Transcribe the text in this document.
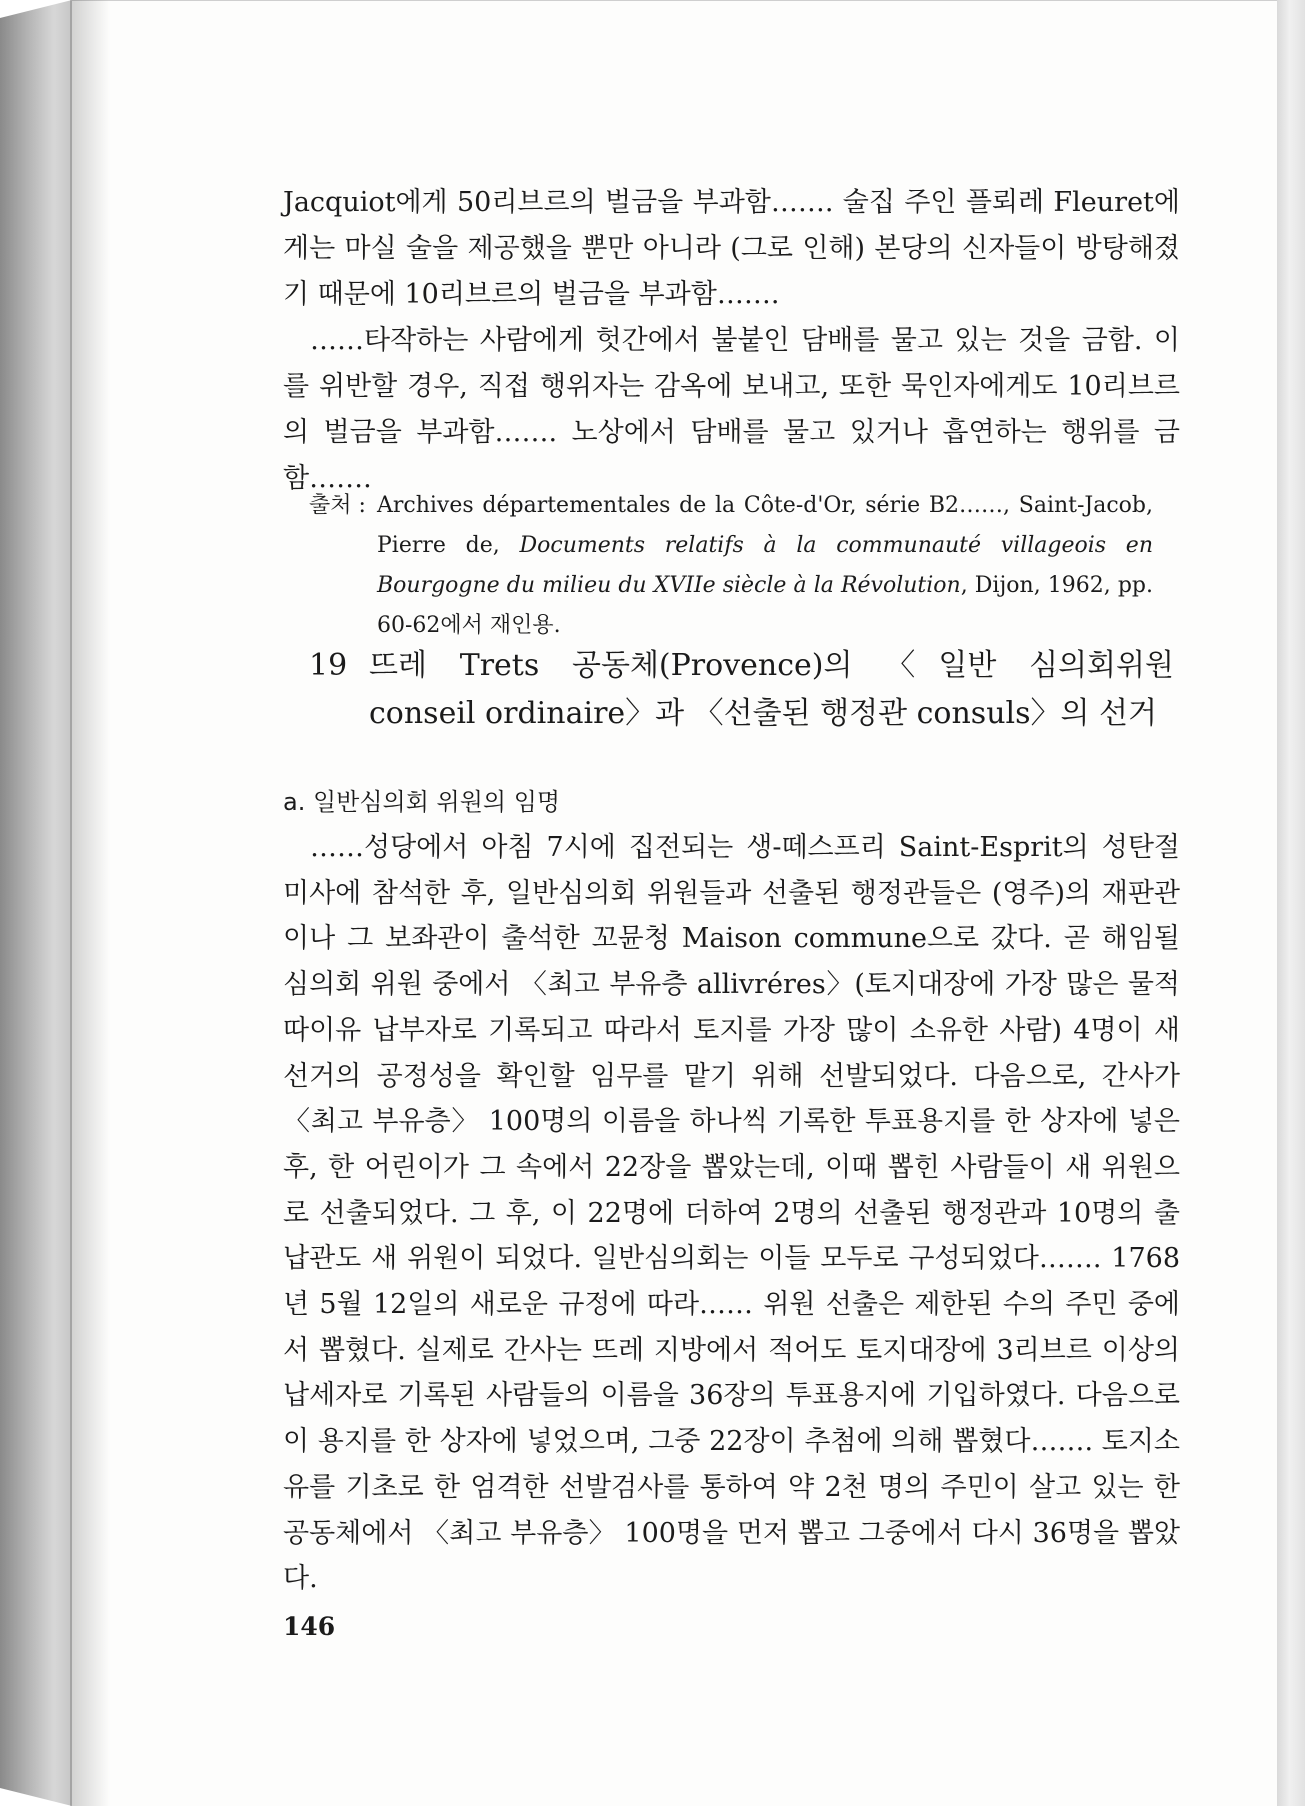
Jacquiot에게 50리브르의 벌금을 부과함……. 술집 주인 플뢰레 Fleuret에게는 마실 술을 제공했을 뿐만 아니라 (그로 인해) 본당의 신자들이 방탕해졌기 때문에 10리브르의 벌금을 부과함…….

……타작하는 사람에게 헛간에서 불붙인 담배를 물고 있는 것을 금함. 이를 위반할 경우, 직접 행위자는 감옥에 보내고, 또한 묵인자에게도 10리브르의 벌금을 부과함……. 노상에서 담배를 물고 있거나 흡연하는 행위를 금함…….

출처 : Archives départementales de la Côte-d'Or, série B2……, Saint-Jacob, Pierre de, Documents relatifs à la communauté villageois en Bourgogne du milieu du XVIIe siècle à la Révolution, Dijon, 1962, pp. 60-62에서 재인용.
19 뜨레 Trets 공동체(Provence)의 〈일반 심의회위원 conseil ordinaire〉과 〈선출된 행정관 consuls〉의 선거
a. 일반심의회 위원의 임명

……성당에서 아침 7시에 집전되는 생-떼스프리 Saint-Esprit의 성탄절 미사에 참석한 후, 일반심의회 위원들과 선출된 행정관들은 (영주)의 재판관이나 그 보좌관이 출석한 꼬뮨청 Maison commune으로 갔다. 곧 해임될 심의회 위원 중에서 〈최고 부유층 allivréres〉(토지대장에 가장 많은 물적 따이유 납부자로 기록되고 따라서 토지를 가장 많이 소유한 사람) 4명이 새 선거의 공정성을 확인할 임무를 맡기 위해 선발되었다. 다음으로, 간사가 〈최고 부유층〉 100명의 이름을 하나씩 기록한 투표용지를 한 상자에 넣은 후, 한 어린이가 그 속에서 22장을 뽑았는데, 이때 뽑힌 사람들이 새 위원으로 선출되었다. 그 후, 이 22명에 더하여 2명의 선출된 행정관과 10명의 출납관도 새 위원이 되었다. 일반심의회는 이들 모두로 구성되었다……. 1768년 5월 12일의 새로운 규정에 따라…… 위원 선출은 제한된 수의 주민 중에서 뽑혔다. 실제로 간사는 뜨레 지방에서 적어도 토지대장에 3리브르 이상의 납세자로 기록된 사람들의 이름을 36장의 투표용지에 기입하였다. 다음으로 이 용지를 한 상자에 넣었으며, 그중 22장이 추첨에 의해 뽑혔다……. 토지소유를 기초로 한 엄격한 선발검사를 통하여 약 2천 명의 주민이 살고 있는 한 공동체에서 〈최고 부유층〉 100명을 먼저 뽑고 그중에서 다시 36명을 뽑았다.

146
